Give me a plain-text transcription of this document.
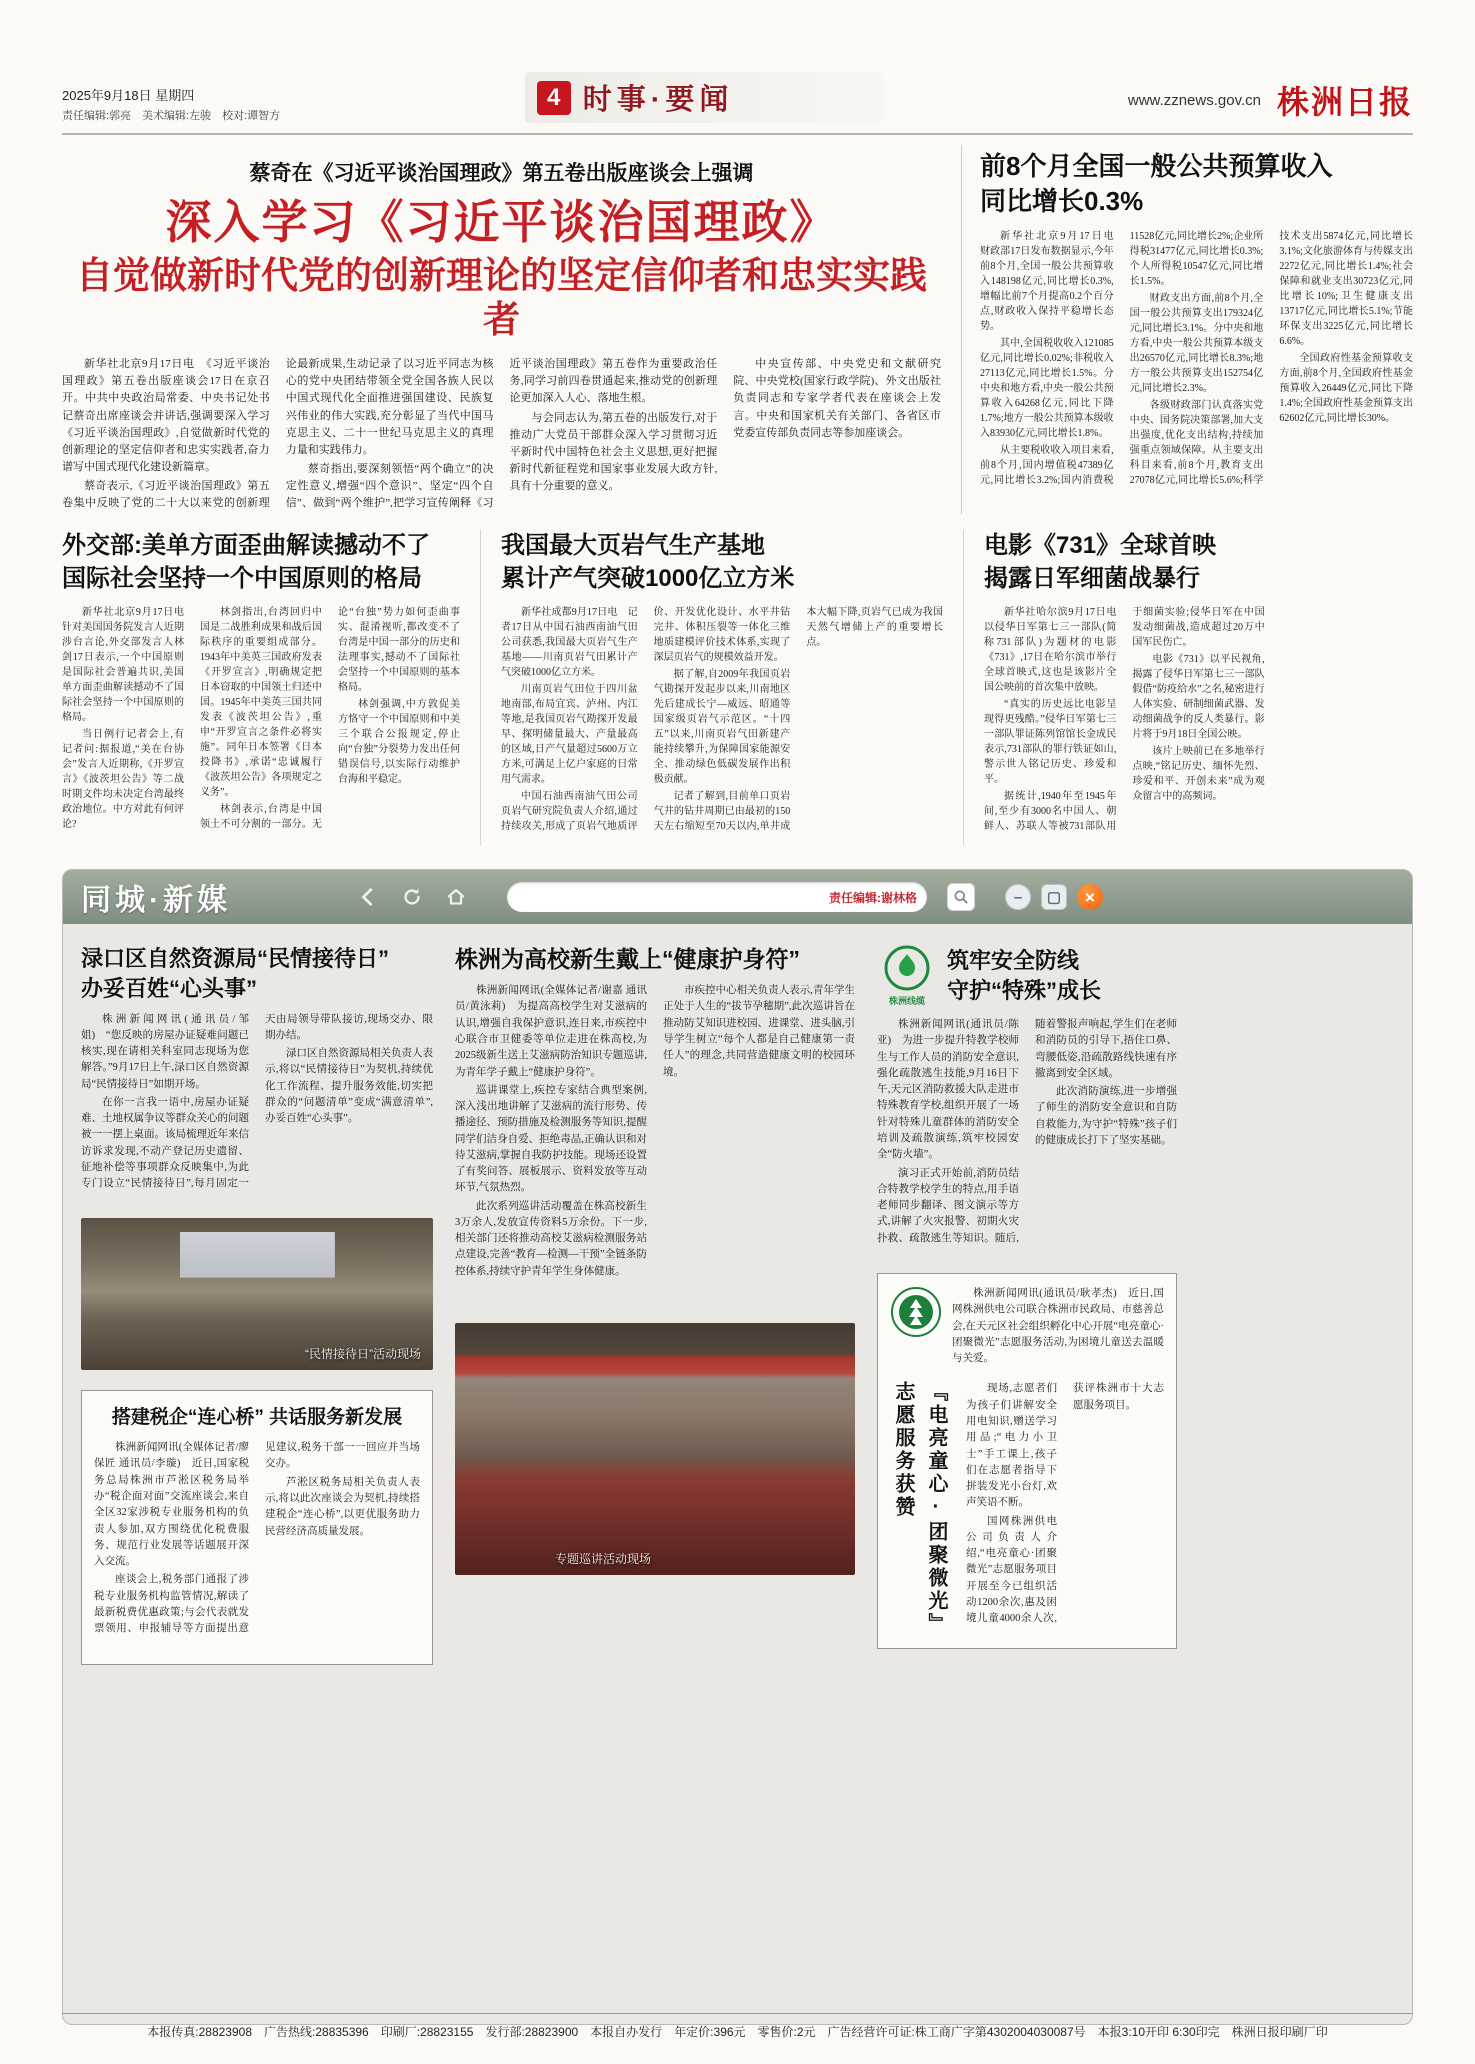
2025年9月18日 星期四
责任编辑:郭亮　美术编辑:左骏　校对:谭智方
4 时事·要闻	www.zznews.gov.cn 株洲日报
蔡奇在《习近平谈治国理政》第五卷出版座谈会上强调
深入学习《习近平谈治国理政》
自觉做新时代党的创新理论的坚定信仰者和忠实实践者

新华社北京9月17日电　《习近平谈治国理政》第五卷出版座谈会17日在京召开。中共中央政治局常委、中央书记处书记蔡奇出席座谈会并讲话,强调要深入学习《习近平谈治国理政》,自觉做新时代党的创新理论的坚定信仰者和忠实实践者,奋力谱写中国式现代化建设新篇章。

蔡奇表示,《习近平谈治国理政》第五卷集中反映了党的二十大以来党的创新理论最新成果,生动记录了以习近平同志为核心的党中央团结带领全党全国各族人民以中国式现代化全面推进强国建设、民族复兴伟业的伟大实践,充分彰显了当代中国马克思主义、二十一世纪马克思主义的真理力量和实践伟力。

蔡奇指出,要深刻领悟“两个确立”的决定性意义,增强“四个意识”、坚定“四个自信”、做到“两个维护”,把学习宣传阐释《习近平谈治国理政》第五卷作为重要政治任务,同学习前四卷贯通起来,推动党的创新理论更加深入人心、落地生根。

与会同志认为,第五卷的出版发行,对于推动广大党员干部群众深入学习贯彻习近平新时代中国特色社会主义思想,更好把握新时代新征程党和国家事业发展大政方针,具有十分重要的意义。

中央宣传部、中央党史和文献研究院、中央党校(国家行政学院)、外文出版社负责同志和专家学者代表在座谈会上发言。中央和国家机关有关部门、各省区市党委宣传部负责同志等参加座谈会。

前8个月全国一般公共预算收入
同比增长0.3%

新华社北京9月17日电　财政部17日发布数据显示,今年前8个月,全国一般公共预算收入148198亿元,同比增长0.3%,增幅比前7个月提高0.2个百分点,财政收入保持平稳增长态势。

其中,全国税收收入121085亿元,同比增长0.02%;非税收入27113亿元,同比增长1.5%。分中央和地方看,中央一般公共预算收入64268亿元,同比下降1.7%;地方一般公共预算本级收入83930亿元,同比增长1.8%。

从主要税收收入项目来看,前8个月,国内增值税47389亿元,同比增长3.2%;国内消费税11528亿元,同比增长2%;企业所得税31477亿元,同比增长0.3%;个人所得税10547亿元,同比增长1.5%。

财政支出方面,前8个月,全国一般公共预算支出179324亿元,同比增长3.1%。分中央和地方看,中央一般公共预算本级支出26570亿元,同比增长8.3%;地方一般公共预算支出152754亿元,同比增长2.3%。

各级财政部门认真落实党中央、国务院决策部署,加大支出强度,优化支出结构,持续加强重点领域保障。从主要支出科目来看,前8个月,教育支出27078亿元,同比增长5.6%;科学技术支出5874亿元,同比增长3.1%;文化旅游体育与传媒支出2272亿元,同比增长1.4%;社会保障和就业支出30723亿元,同比增长10%;卫生健康支出13717亿元,同比增长5.1%;节能环保支出3225亿元,同比增长6.6%。

全国政府性基金预算收支方面,前8个月,全国政府性基金预算收入26449亿元,同比下降1.4%;全国政府性基金预算支出62602亿元,同比增长30%。

外交部:美单方面歪曲解读撼动不了
国际社会坚持一个中国原则的格局

新华社北京9月17日电　针对美国国务院发言人近期涉台言论,外交部发言人林剑17日表示,一个中国原则是国际社会普遍共识,美国单方面歪曲解读撼动不了国际社会坚持一个中国原则的格局。

当日例行记者会上,有记者问:据报道,“美在台协会”发言人近期称,《开罗宣言》《波茨坦公告》等二战时期文件均未决定台湾最终政治地位。中方对此有何评论?

林剑指出,台湾回归中国是二战胜利成果和战后国际秩序的重要组成部分。1943年中美英三国政府发表《开罗宣言》,明确规定把日本窃取的中国领土归还中国。1945年中美英三国共同发表《波茨坦公告》,重申“开罗宣言之条件必将实施”。同年日本签署《日本投降书》,承诺“忠诚履行《波茨坦公告》各项规定之义务”。

林剑表示,台湾是中国领土不可分割的一部分。无论“台独”势力如何歪曲事实、混淆视听,都改变不了台湾是中国一部分的历史和法理事实,撼动不了国际社会坚持一个中国原则的基本格局。

林剑强调,中方敦促美方恪守一个中国原则和中美三个联合公报规定,停止向“台独”分裂势力发出任何错误信号,以实际行动维护台海和平稳定。

我国最大页岩气生产基地
累计产气突破1000亿立方米

新华社成都9月17日电　记者17日从中国石油西南油气田公司获悉,我国最大页岩气生产基地——川南页岩气田累计产气突破1000亿立方米。

川南页岩气田位于四川盆地南部,布局宜宾、泸州、内江等地,是我国页岩气勘探开发最早、探明储量最大、产量最高的区域,日产气量超过5600万立方米,可满足上亿户家庭的日常用气需求。

中国石油西南油气田公司页岩气研究院负责人介绍,通过持续攻关,形成了页岩气地质评价、开发优化设计、水平井钻完井、体积压裂等一体化三维地质建模评价技术体系,实现了深层页岩气的规模效益开发。

据了解,自2009年我国页岩气勘探开发起步以来,川南地区先后建成长宁—威远、昭通等国家级页岩气示范区。“十四五”以来,川南页岩气田新建产能持续攀升,为保障国家能源安全、推动绿色低碳发展作出积极贡献。

记者了解到,目前单口页岩气井的钻井周期已由最初的150天左右缩短至70天以内,单井成本大幅下降,页岩气已成为我国天然气增储上产的重要增长点。

电影《731》全球首映
揭露日军细菌战暴行

新华社哈尔滨9月17日电　以侵华日军第七三一部队(简称731部队)为题材的电影《731》,17日在哈尔滨市举行全球首映式,这也是该影片全国公映前的首次集中放映。

“真实的历史远比电影呈现得更残酷。”侵华日军第七三一部队罪证陈列馆馆长金成民表示,731部队的罪行铁证如山,警示世人铭记历史、珍爱和平。

据统计,1940年至1945年间,至少有3000名中国人、朝鲜人、苏联人等被731部队用于细菌实验;侵华日军在中国发动细菌战,造成超过20万中国军民伤亡。

电影《731》以平民视角,揭露了侵华日军第七三一部队假借“防疫给水”之名,秘密进行人体实验、研制细菌武器、发动细菌战争的反人类暴行。影片将于9月18日全国公映。

该片上映前已在多地举行点映,“铭记历史、缅怀先烈、珍爱和平、开创未来”成为观众留言中的高频词。

同城·新媒	责任编辑:谢林格	–	▢	×
渌口区自然资源局“民情接待日”
办妥百姓“心头事”

株洲新闻网讯(通讯员/邹姐)　“您反映的房屋办证疑难问题已核实,现在请相关科室同志现场为您解答。”9月17日上午,渌口区自然资源局“民情接待日”如期开场。

在你一言我一语中,房屋办证疑难、土地权属争议等群众关心的问题被一一摆上桌面。该局梳理近年来信访诉求发现,不动产登记历史遗留、征地补偿等事项群众反映集中,为此专门设立“民情接待日”,每月固定一天由局领导带队接访,现场交办、限期办结。

渌口区自然资源局相关负责人表示,将以“民情接待日”为契机,持续优化工作流程、提升服务效能,切实把群众的“问题清单”变成“满意清单”,办妥百姓“心头事”。

“民情接待日”活动现场
搭建税企“连心桥” 共话服务新发展

株洲新闻网讯(全媒体记者/廖保匠 通讯员/李璇)　近日,国家税务总局株洲市芦淞区税务局举办“税企面对面”交流座谈会,来自全区32家涉税专业服务机构的负责人参加,双方围绕优化税费服务、规范行业发展等话题展开深入交流。

座谈会上,税务部门通报了涉税专业服务机构监管情况,解读了最新税费优惠政策;与会代表就发票领用、申报辅导等方面提出意见建议,税务干部一一回应并当场交办。

芦淞区税务局相关负责人表示,将以此次座谈会为契机,持续搭建税企“连心桥”,以更优服务助力民营经济高质量发展。

株洲为高校新生戴上“健康护身符”

株洲新闻网讯(全媒体记者/谢嘉 通讯员/黄泳莉)　为提高高校学生对艾滋病的认识,增强自我保护意识,连日来,市疾控中心联合市卫健委等单位走进在株高校,为2025级新生送上艾滋病防治知识专题巡讲,为青年学子戴上“健康护身符”。

巡讲课堂上,疾控专家结合典型案例,深入浅出地讲解了艾滋病的流行形势、传播途径、预防措施及检测服务等知识,提醒同学们洁身自爱、拒绝毒品,正确认识和对待艾滋病,掌握自我防护技能。现场还设置了有奖问答、展板展示、资料发放等互动环节,气氛热烈。

此次系列巡讲活动覆盖在株高校新生3万余人,发放宣传资料5万余份。下一步,相关部门还将推动高校艾滋病检测服务站点建设,完善“教育—检测—干预”全链条防控体系,持续守护青年学生身体健康。

市疾控中心相关负责人表示,青年学生正处于人生的“拔节孕穗期”,此次巡讲旨在推动防艾知识进校园、进课堂、进头脑,引导学生树立“每个人都是自己健康第一责任人”的理念,共同营造健康文明的校园环境。

专题巡讲活动现场
株洲线缆
筑牢安全防线
守护“特殊”成长

株洲新闻网讯(通讯员/陈亚)　为进一步提升特教学校师生与工作人员的消防安全意识,强化疏散逃生技能,9月16日下午,天元区消防救援大队走进市特殊教育学校,组织开展了一场针对特殊儿童群体的消防安全培训及疏散演练,筑牢校园安全“防火墙”。

演习正式开始前,消防员结合特教学校学生的特点,用手语老师同步翻译、图文演示等方式,讲解了火灾报警、初期火灾扑救、疏散逃生等知识。随后,随着警报声响起,学生们在老师和消防员的引导下,捂住口鼻、弯腰低姿,沿疏散路线快速有序撤离到安全区域。

此次消防演练,进一步增强了师生的消防安全意识和自防自救能力,为守护“特殊”孩子们的健康成长打下了坚实基础。

株洲新闻网讯(通讯员/耿孝杰)　近日,国网株洲供电公司联合株洲市民政局、市慈善总会,在天元区社会组织孵化中心开展“电亮童心·团聚微光”志愿服务活动,为困境儿童送去温暖与关爱。

志愿服务获赞 『电亮童心·团聚微光』	现场,志愿者们为孩子们讲解安全用电知识,赠送学习用品;“电力小卫士”手工课上,孩子们在志愿者指导下拼装发光小台灯,欢声笑语不断。

国网株洲供电公司负责人介绍,“电亮童心·团聚微光”志愿服务项目开展至今已组织活动1200余次,惠及困境儿童4000余人次,获评株洲市十大志愿服务项目。

本报传真:28823908　广告热线:28835396　印刷厂:28823155　发行部:28823900　本报自办发行　年定价:396元　零售价:2元　广告经营许可证:株工商广字第4302004030087号　本报3:10开印 6:30印完　株洲日报印刷厂印
